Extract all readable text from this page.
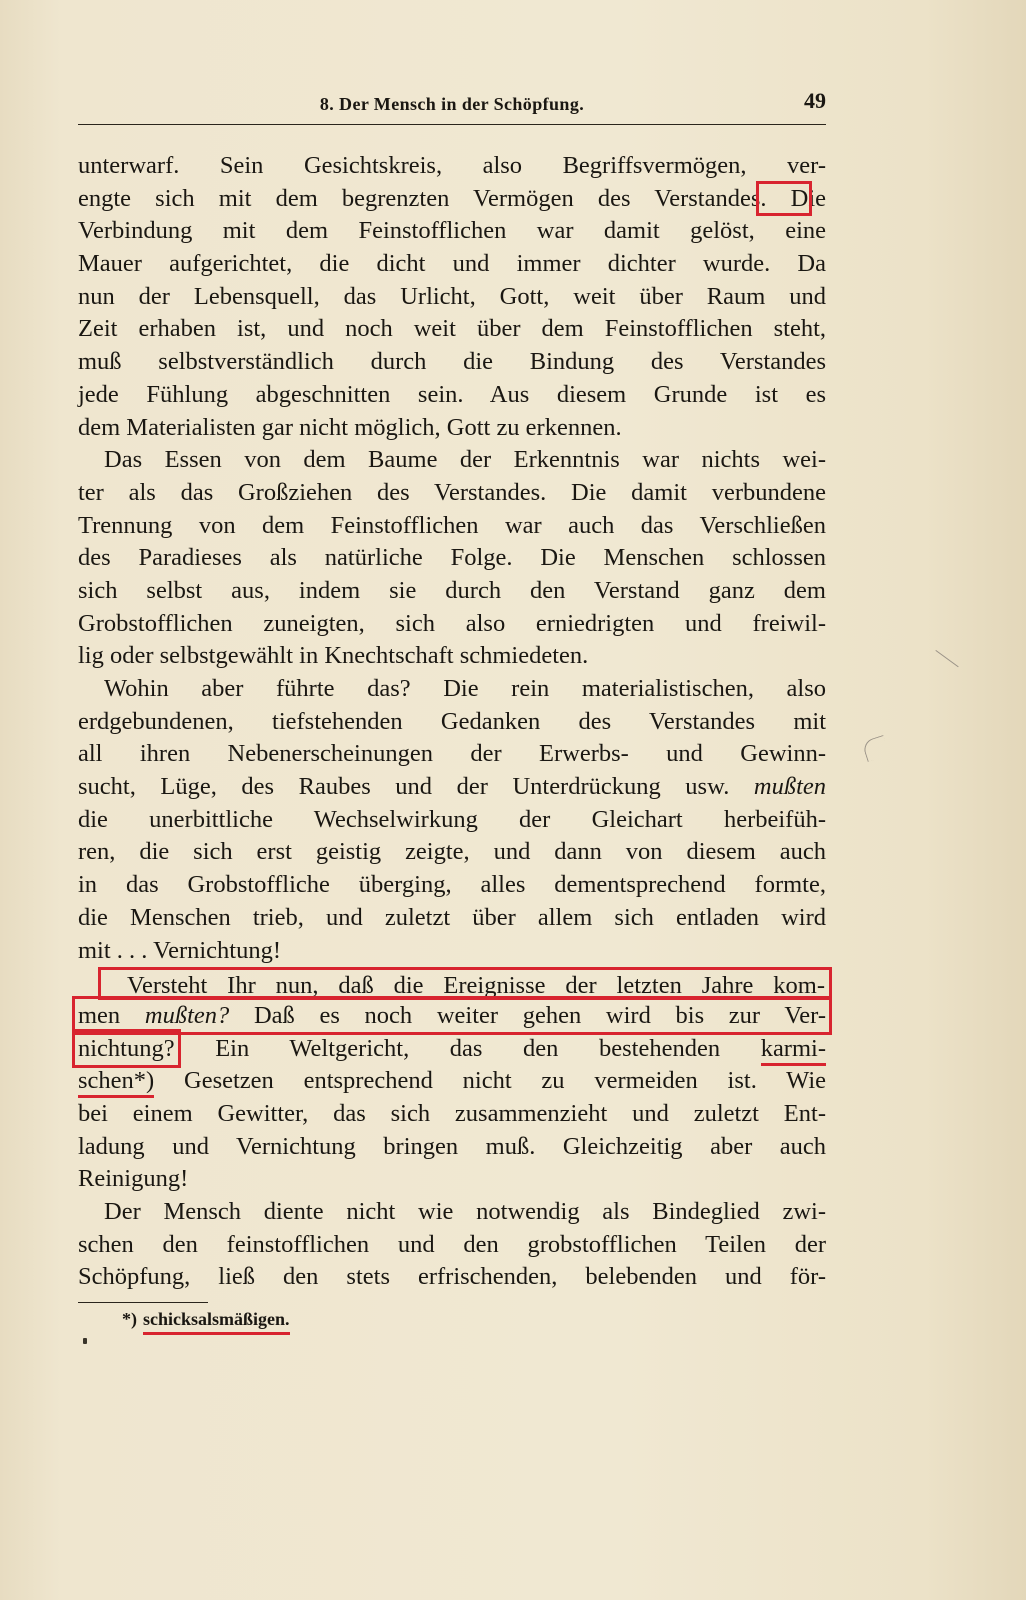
8. Der Mensch in der Schöpfung.	49
unterwarf. Sein Gesichtskreis, also Begriffsvermögen, ver-
engte sich mit dem begrenzten Vermögen des Verstandes. Die
Verbindung mit dem Feinstofflichen war damit gelöst, eine
Mauer aufgerichtet, die dicht und immer dichter wurde. Da
nun der Lebensquell, das Urlicht, Gott, weit über Raum und
Zeit erhaben ist, und noch weit über dem Feinstofflichen steht,
muß selbstverständlich durch die Bindung des Verstandes
jede Fühlung abgeschnitten sein. Aus diesem Grunde ist es
dem Materialisten gar nicht möglich, Gott zu erkennen.
Das Essen von dem Baume der Erkenntnis war nichts wei-
ter als das Großziehen des Verstandes. Die damit verbundene
Trennung von dem Feinstofflichen war auch das Verschließen
des Paradieses als natürliche Folge. Die Menschen schlossen
sich selbst aus, indem sie durch den Verstand ganz dem
Grobstofflichen zuneigten, sich also erniedrigten und freiwil-
lig oder selbstgewählt in Knechtschaft schmiedeten.
Wohin aber führte das? Die rein materialistischen, also
erdgebundenen, tiefstehenden Gedanken des Verstandes mit
all ihren Nebenerscheinungen der Erwerbs- und Gewinn-
sucht, Lüge, des Raubes und der Unterdrückung usw. mußten
die unerbittliche Wechselwirkung der Gleichart herbeifüh-
ren, die sich erst geistig zeigte, und dann von diesem auch
in das Grobstoffliche überging, alles dementsprechend formte,
die Menschen trieb, und zuletzt über allem sich entladen wird
mit . . . Vernichtung!
Versteht Ihr nun, daß die Ereignisse der letzten Jahre kom-
men mußten? Daß es noch weiter gehen wird bis zur Ver-
nichtung? Ein Weltgericht, das den bestehenden karmi-
schen*) Gesetzen entsprechend nicht zu vermeiden ist. Wie
bei einem Gewitter, das sich zusammenzieht und zuletzt Ent-
ladung und Vernichtung bringen muß. Gleichzeitig aber auch
Reinigung!
Der Mensch diente nicht wie notwendig als Bindeglied zwi-
schen den feinstofflichen und den grobstofflichen Teilen der
Schöpfung, ließ den stets erfrischenden, belebenden und för-
*) schicksalsmäßigen.
